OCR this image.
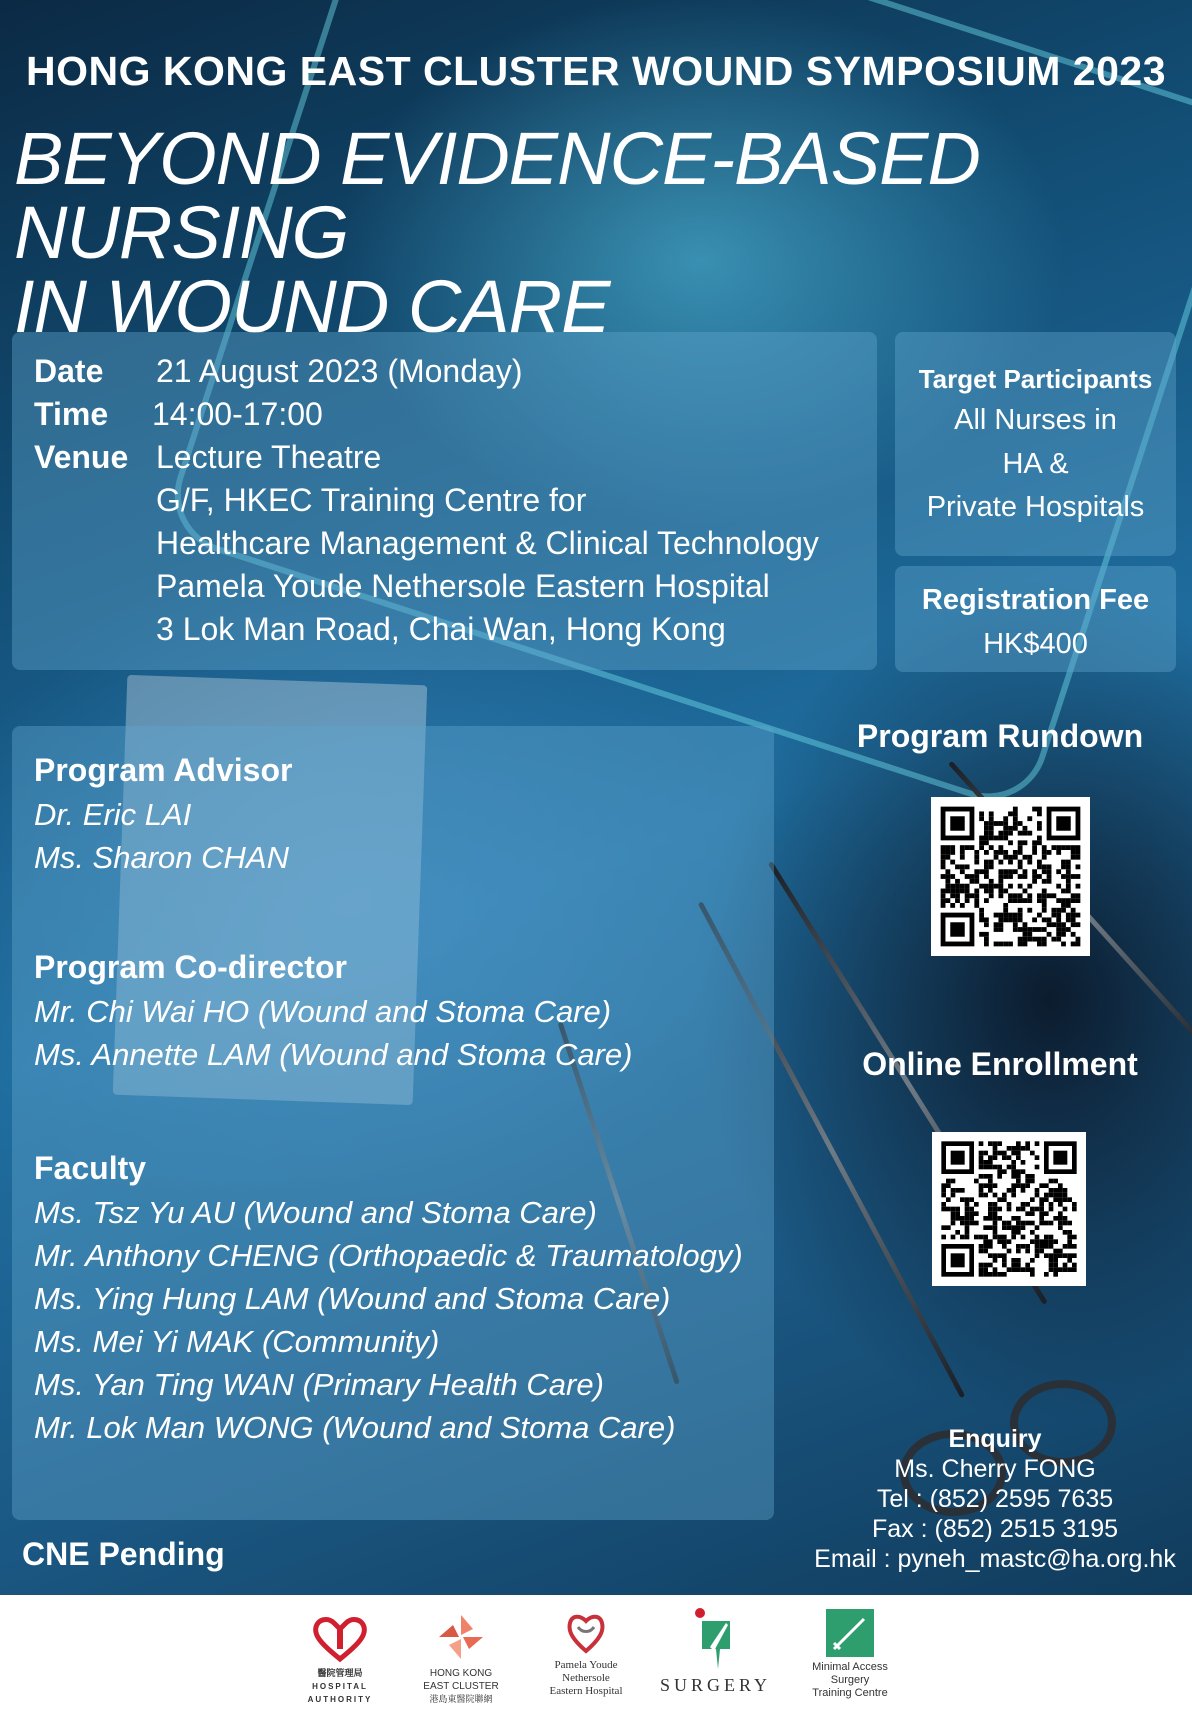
HONG KONG EAST CLUSTER WOUND SYMPOSIUM 2023
BEYOND EVIDENCE-BASED NURSING
IN WOUND CARE
Date	21 August 2023 (Monday)
Time	14:00-17:00
Venue Lecture Theatre
G/F, HKEC Training Centre for
Healthcare Management & Clinical Technology
Pamela Youde Nethersole Eastern Hospital
3 Lok Man Road, Chai Wan, Hong Kong
Target Participants
All Nurses in
HA &
Private Hospitals
Registration Fee
HK$400
Program Advisor
Dr. Eric LAI
Ms. Sharon CHAN
Program Co-director
Mr. Chi Wai HO (Wound and Stoma Care)
Ms. Annette LAM (Wound and Stoma Care)
Faculty
Ms. Tsz Yu AU (Wound and Stoma Care)
Mr. Anthony CHENG (Orthopaedic & Traumatology)
Ms. Ying Hung LAM (Wound and Stoma Care)
Ms. Mei Yi MAK (Community)
Ms. Yan Ting WAN (Primary Health Care)
Mr. Lok Man WONG (Wound and Stoma Care)
Program Rundown
Online Enrollment
Enquiry
Ms. Cherry FONG
Tel : (852) 2595 7635
Fax : (852) 2515 3195
Email : pyneh_mastc@ha.org.hk
CNE Pending
醫院管理局
HOSPITAL
AUTHORITY
HONG KONG
EAST CLUSTER
港島東醫院聯網
Pamela Youde
Nethersole
Eastern Hospital	SURGERY
Minimal Access
Surgery
Training Centre
